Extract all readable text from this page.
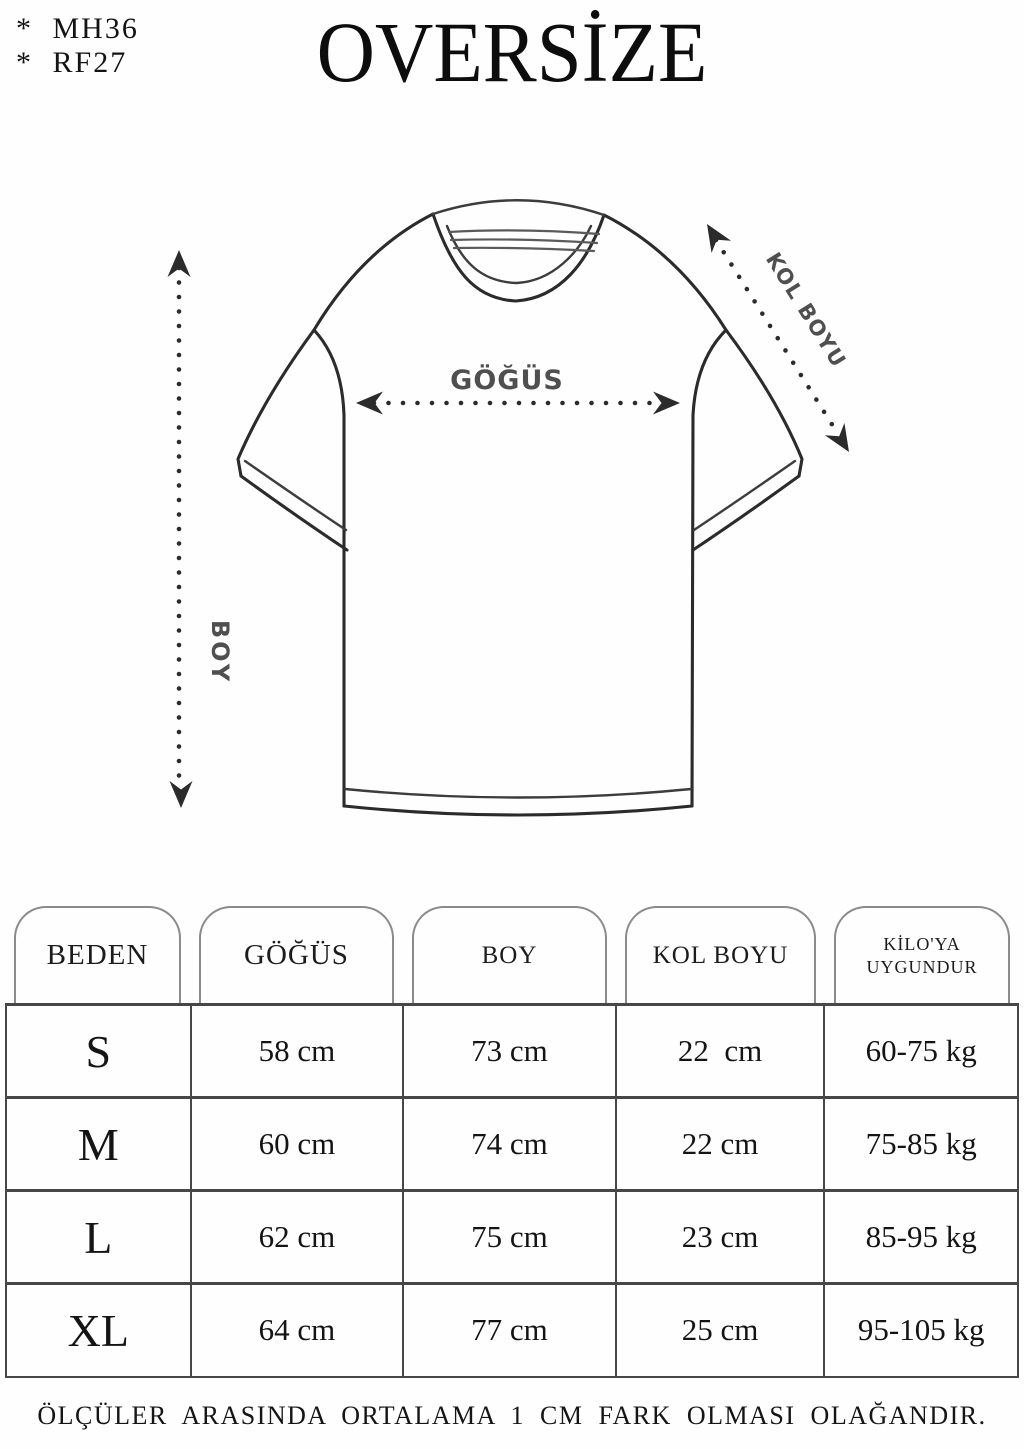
* MH36
* RF27	OVERSİZE
BOY
GÖĞÜS
KOL BOYU
BEDEN	GÖĞÜS	BOY	KOL BOYU	KİLO'YA UYGUNDUR
S	58 cm	73 cm	22  cm	60-75 kg
M	60 cm	74 cm	22 cm	75-85 kg
L	62 cm	75 cm	23 cm	85-95 kg
XL	64 cm	77 cm	25 cm	95-105 kg
ÖLÇÜLER ARASINDA ORTALAMA 1 CM FARK OLMASI OLAĞANDIR.
